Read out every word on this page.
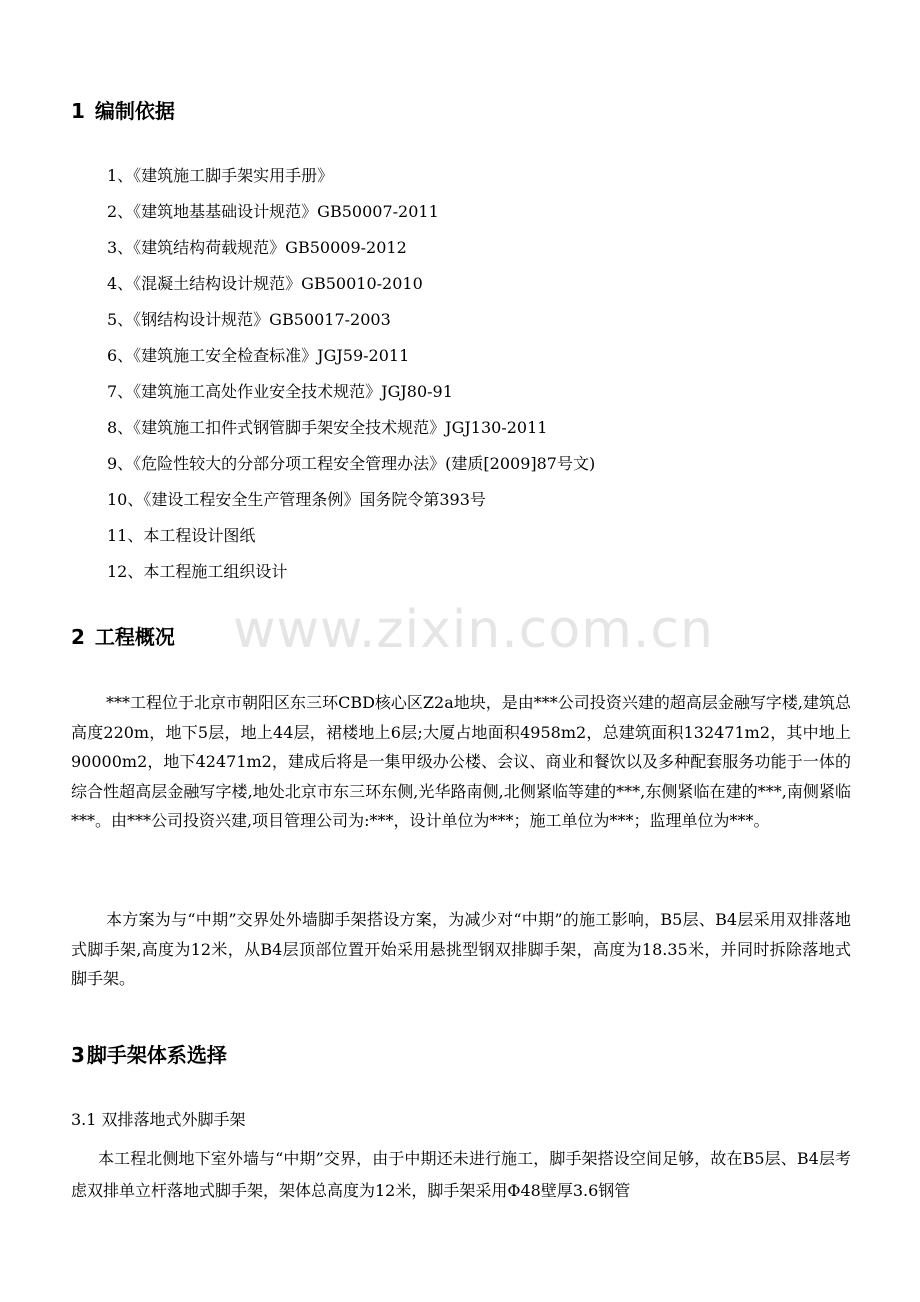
1 编制依据
1、《建筑施工脚手架实用手册》
2、《建筑地基基础设计规范》GB50007-2011
3、《建筑结构荷载规范》GB50009-2012
4、《混凝土结构设计规范》GB50010-2010
5、《钢结构设计规范》GB50017-2003
6、《建筑施工安全检查标准》JGJ59-2011
7、《建筑施工高处作业安全技术规范》JGJ80-91
8、《建筑施工扣件式钢管脚手架安全技术规范》JGJ130-2011
9、《危险性较大的分部分项工程安全管理办法》(建质[2009]87号文)
10、《建设工程安全生产管理条例》国务院令第393号
11、本工程设计图纸
12、本工程施工组织设计
www.zixin.com.cn
2 工程概况

***工程位于北京市朝阳区东三环CBD核心区Z2a地块，是由***公司投资兴建的超高层金融写字楼,建筑总高度220m，地下5层，地上44层，裙楼地上6层;大厦占地面积4958m2，总建筑面积132471m2，其中地上90000m2，地下42471m2，建成后将是一集甲级办公楼、会议、商业和餐饮以及多种配套服务功能于一体的综合性超高层金融写字楼,地处北京市东三环东侧,光华路南侧,北侧紧临等建的***,东侧紧临在建的***,南侧紧临***。由***公司投资兴建,项目管理公司为:***，设计单位为***；施工单位为***；监理单位为***。

本方案为与“中期”交界处外墙脚手架搭设方案，为减少对“中期”的施工影响，B5层、B4层采用双排落地式脚手架,高度为12米，从B4层顶部位置开始采用悬挑型钢双排脚手架，高度为18.35米，并同时拆除落地式脚手架。

3 脚手架体系选择

3.1 双排落地式外脚手架

本工程北侧地下室外墙与“中期”交界，由于中期还未进行施工，脚手架搭设空间足够，故在B5层、B4层考虑双排单立杆落地式脚手架，架体总高度为12米，脚手架采用Φ48壁厚3.6钢管
